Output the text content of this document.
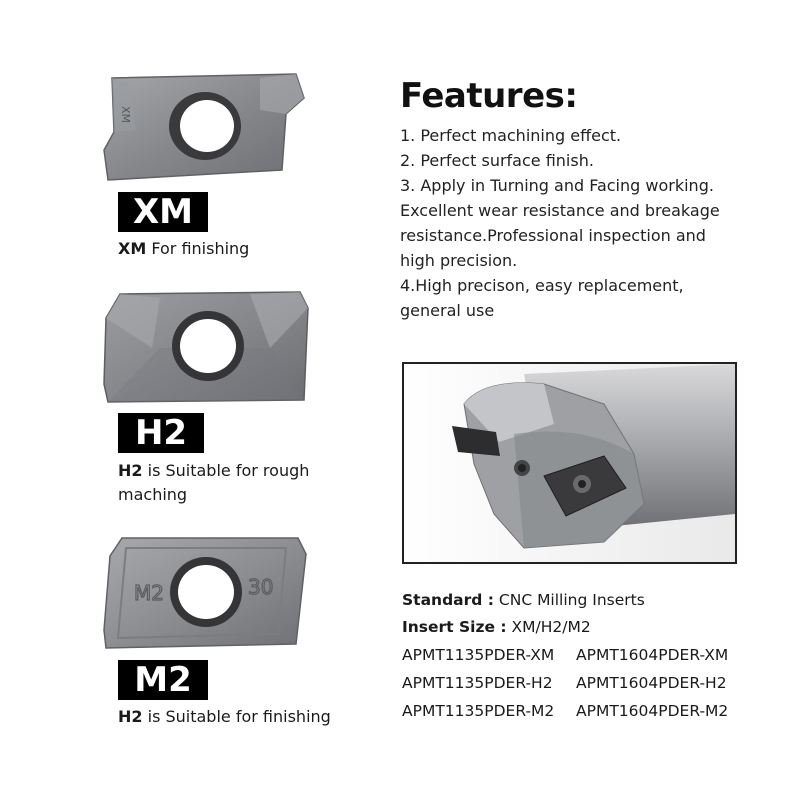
XM
XM
XM For finishing
H2
H2 is Suitable for rough
maching
M2	30
M2
H2 is Suitable for finishing
Features:
1. Perfect machining effect.
2. Perfect surface finish.
3. Apply in Turning and Facing working.
Excellent wear resistance and breakage
resistance.Professional inspection and
high precision.
4.High precison, easy replacement,
general use
Standard : CNC Milling Inserts
Insert Size : XM/H2/M2
APMT1135PDER-XM APMT1604PDER-XM
APMT1135PDER-H2 APMT1604PDER-H2
APMT1135PDER-M2 APMT1604PDER-M2
